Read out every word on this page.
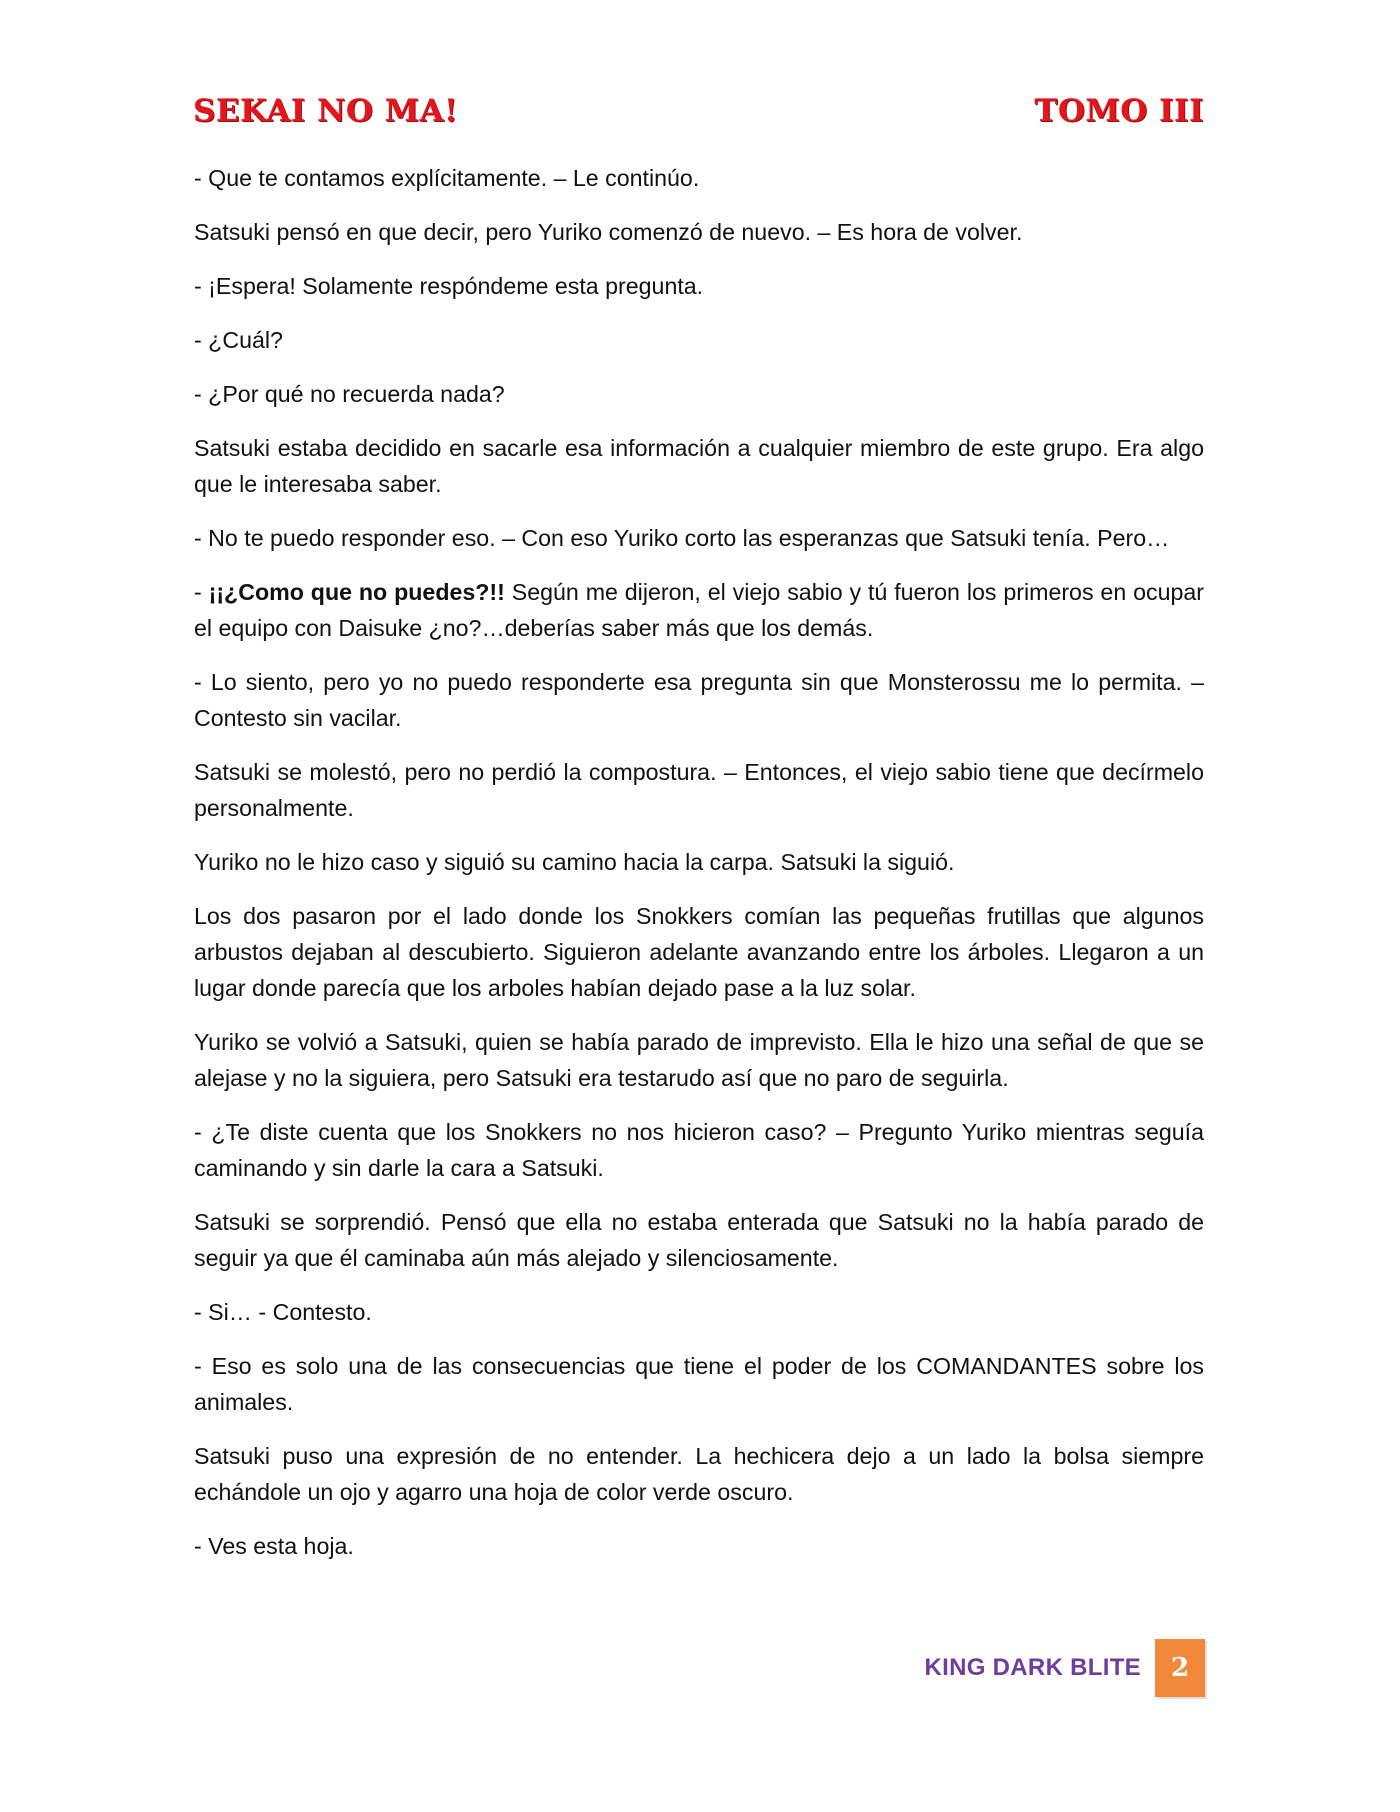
SEKAI NO MA!	TOMO III

- Que te contamos explícitamente. – Le continúo.

Satsuki pensó en que decir, pero Yuriko comenzó de nuevo. – Es hora de volver.

- ¡Espera! Solamente respóndeme esta pregunta.

- ¿Cuál?

- ¿Por qué no recuerda nada?

Satsuki estaba decidido en sacarle esa información a cualquier miembro de este grupo. Era algo que le interesaba saber.

- No te puedo responder eso. – Con eso Yuriko corto las esperanzas que Satsuki tenía. Pero…

- ¡¡¿Como que no puedes?!! Según me dijeron, el viejo sabio y tú fueron los primeros en ocupar el equipo con Daisuke ¿no?…deberías saber más que los demás.

- Lo siento, pero yo no puedo responderte esa pregunta sin que Monsterossu me lo permita. – Contesto sin vacilar.

Satsuki se molestó, pero no perdió la compostura. – Entonces, el viejo sabio tiene que decírmelo personalmente.

Yuriko no le hizo caso y siguió su camino hacia la carpa. Satsuki la siguió.

Los dos pasaron por el lado donde los Snokkers comían las pequeñas frutillas que algunos arbustos dejaban al descubierto. Siguieron adelante avanzando entre los árboles. Llegaron a un lugar donde parecía que los arboles habían dejado pase a la luz solar.

Yuriko se volvió a Satsuki, quien se había parado de imprevisto. Ella le hizo una señal de que se alejase y no la siguiera, pero Satsuki era testarudo así que no paro de seguirla.

- ¿Te diste cuenta que los Snokkers no nos hicieron caso? – Pregunto Yuriko mientras seguía caminando y sin darle la cara a Satsuki.

Satsuki se sorprendió. Pensó que ella no estaba enterada que Satsuki no la había parado de seguir ya que él caminaba aún más alejado y silenciosamente.

- Si… - Contesto.

- Eso es solo una de las consecuencias que tiene el poder de los COMANDANTES sobre los animales.

Satsuki puso una expresión de no entender. La hechicera dejo a un lado la bolsa siempre echándole un ojo y agarro una hoja de color verde oscuro.

- Ves esta hoja.

KING DARK BLITE	2
